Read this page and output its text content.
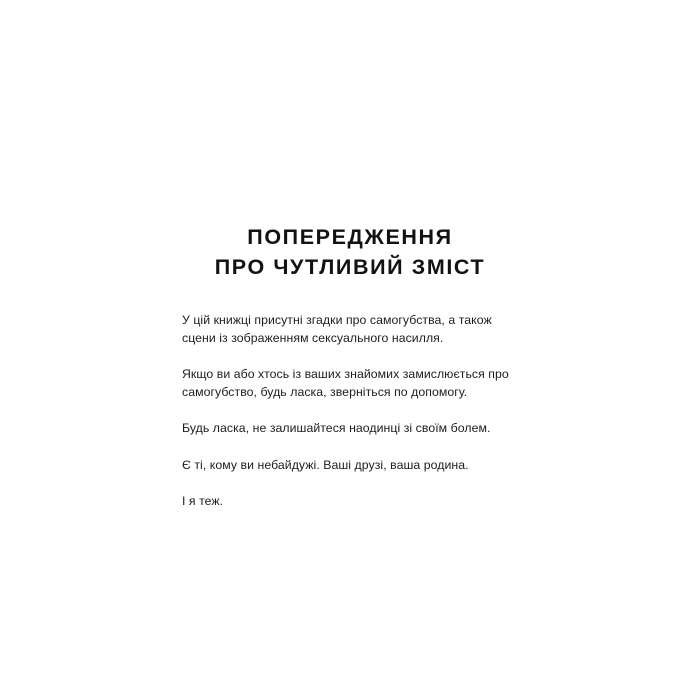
ПОПЕРЕДЖЕННЯ
ПРО ЧУТЛИВИЙ ЗМІСТ

У цій книжці присутні згадки про самогубства, а також сцени із зображенням сексуального насилля.

Якщо ви або хтось із ваших знайомих замислюється про самогубство, будь ласка, зверніться по допомогу.

Будь ласка, не залишайтеся наодинці зі своїм болем.

Є ті, кому ви небайдужі. Ваші друзі, ваша родина.

І я теж.
